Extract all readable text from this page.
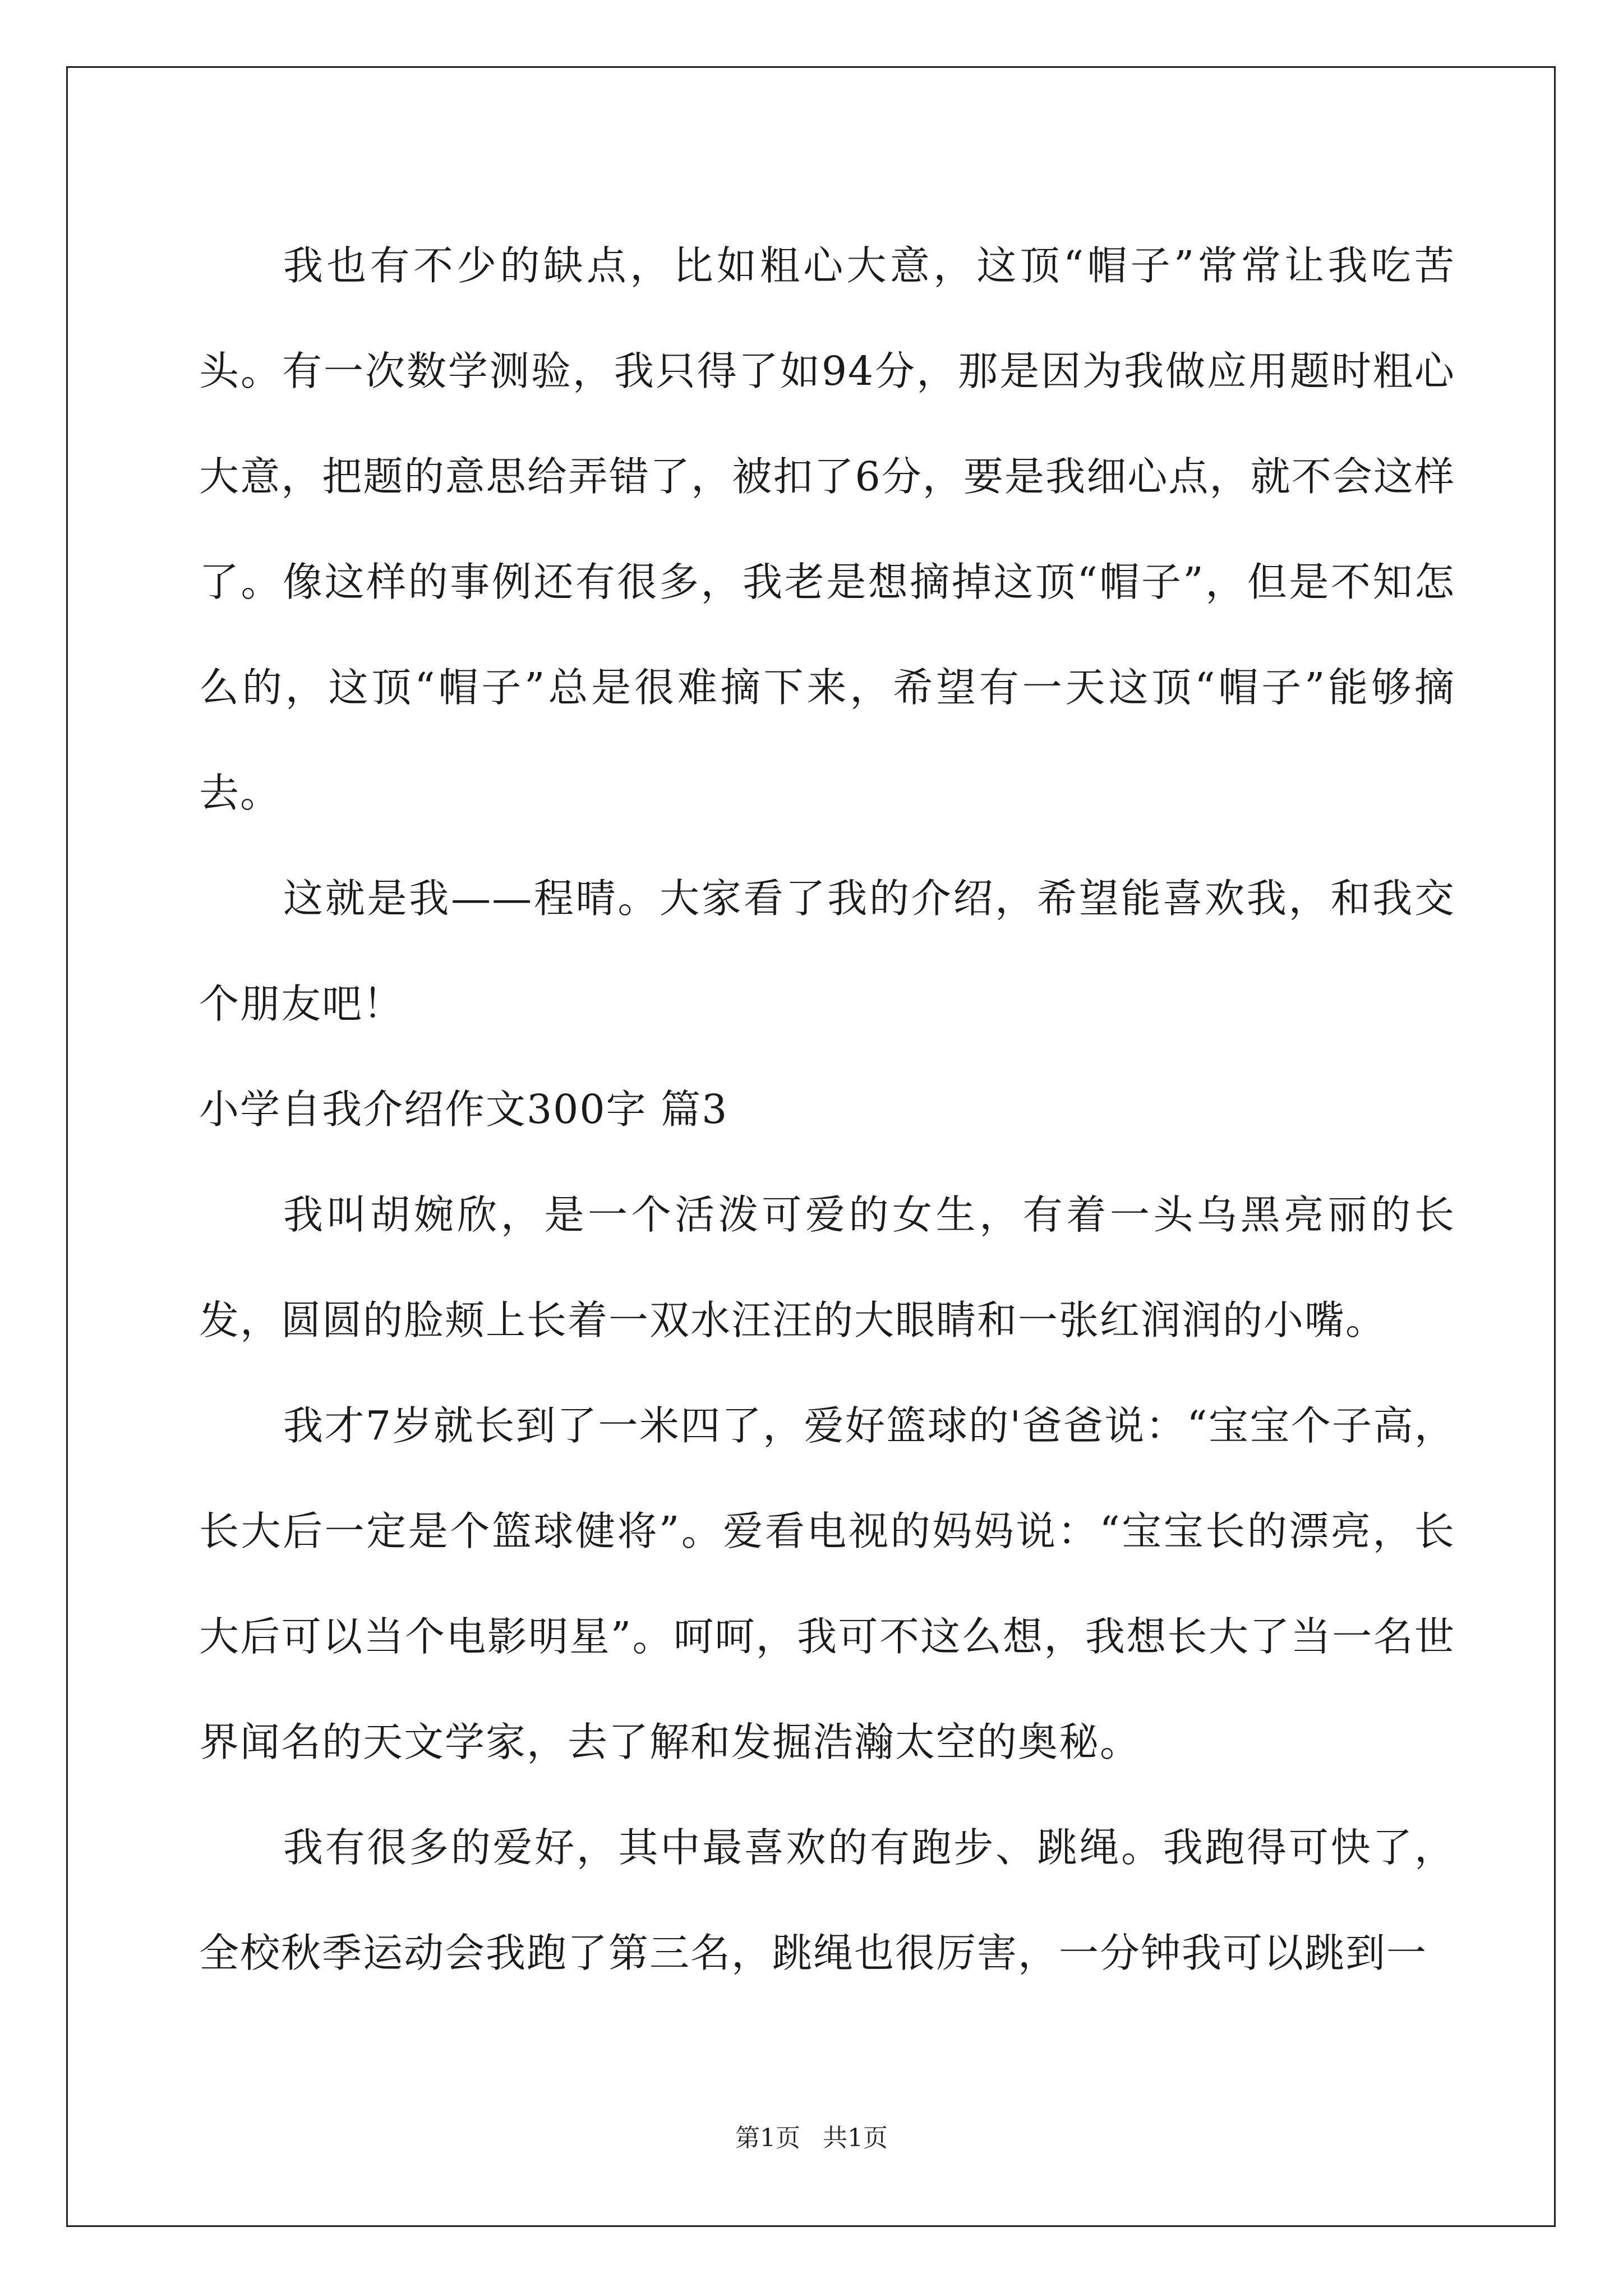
我也有不少的缺点，比如粗心大意，这顶“帽子”常常让我吃苦头。有一次数学测验，我只得了如94分，那是因为我做应用题时粗心大意，把题的意思给弄错了，被扣了6分，要是我细心点，就不会这样了。像这样的事例还有很多，我老是想摘掉这顶“帽子”，但是不知怎么的，这顶“帽子”总是很难摘下来，希望有一天这顶“帽子”能够摘去。

这就是我——程晴。大家看了我的介绍，希望能喜欢我，和我交个朋友吧！

小学自我介绍作文300字 篇3

我叫胡婉欣，是一个活泼可爱的女生，有着一头乌黑亮丽的长发，圆圆的脸颊上长着一双水汪汪的大眼睛和一张红润润的小嘴。

我才7岁就长到了一米四了，爱好篮球的'爸爸说：“宝宝个子高，长大后一定是个篮球健将”。爱看电视的妈妈说：“宝宝长的漂亮，长大后可以当个电影明星”。呵呵，我可不这么想，我想长大了当一名世界闻名的天文学家，去了解和发掘浩瀚太空的奥秘。

我有很多的爱好，其中最喜欢的有跑步、跳绳。我跑得可快了，全校秋季运动会我跑了第三名，跳绳也很厉害，一分钟我可以跳到一

第1页 共1页
